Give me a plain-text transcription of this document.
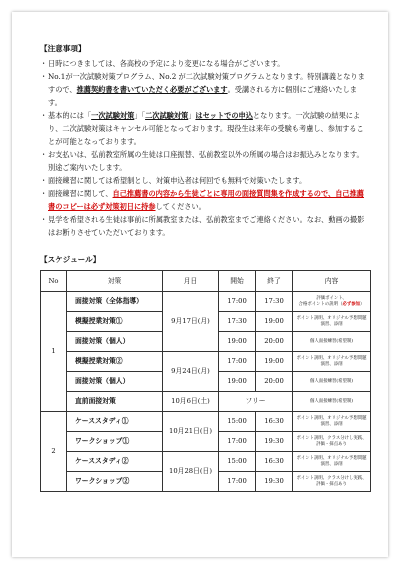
【注意事項】
・ 日時につきましては、各高校の予定により変更になる場合がございます。
・ No.1が一次試験対策プログラム、No.2 が二次試験対策プログラムとなります。特別講義となりますので、推薦契約書を書いていただく必要がございます。受講される方に個別にご連絡いたします。
・ 基本的には「一次試験対策」「二次試験対策」はセットでの申込となります。一次試験の結果により、二次試験対策はキャンセル可能となっております。現役生は来年の受験も考慮し、参加することが可能となっております。
・ お支払いは、弘前教室所属の生徒は口座振替、弘前教室以外の所属の場合はお振込みとなります。別途ご案内いたします。
・ 面接練習に関しては希望制とし、対策申込者は何回でも無料で対策いたします。
・ 面接練習に関して、自己推薦書の内容から生徒ごとに専用の面接質問集を作成するので、自己推薦書のコピーは必ず対策初日に持参してください。
・ 見学を希望される生徒は事前に所属教室または、弘前教室までご連絡ください。なお、動画の撮影はお断りさせていただいております。
【スケジュール】
No	対策	月日	開始	終了	内容
1	面接対策（全体指導）	9月17日(月)	17:00	17:30	評価ポイント、
合格ポイントの説明（必ず参加）

	模擬授業対策①		17:30	19:00	ポイント説明、オリジナル予想問題演習、添削

	面接対策（個人）		19:00	20:00	個人面接練習(希望制)

	模擬授業対策②	9月24日(月)	17:00	19:00	ポイント説明、オリジナル予想問題演習、添削

	面接対策（個人）		19:00	20:00	個人面接練習(希望制)

	直前面接対策	10月6日(土)	フリー		個人面接練習(希望制)

2	ケーススタディ①	10月21日(日)	15:00	16:30	ポイント説明、オリジナル予想問題演習、添削

	ワークショップ①		17:00	19:30	ポイント説明、クラス分けし実践、
評価・採点あり

	ケーススタディ②	10月28日(日)	15:00	16:30	ポイント説明、オリジナル予想問題演習、添削

	ワークショップ②		17:00	19:30	ポイント説明、クラス分けし実践、
評価・採点あり
